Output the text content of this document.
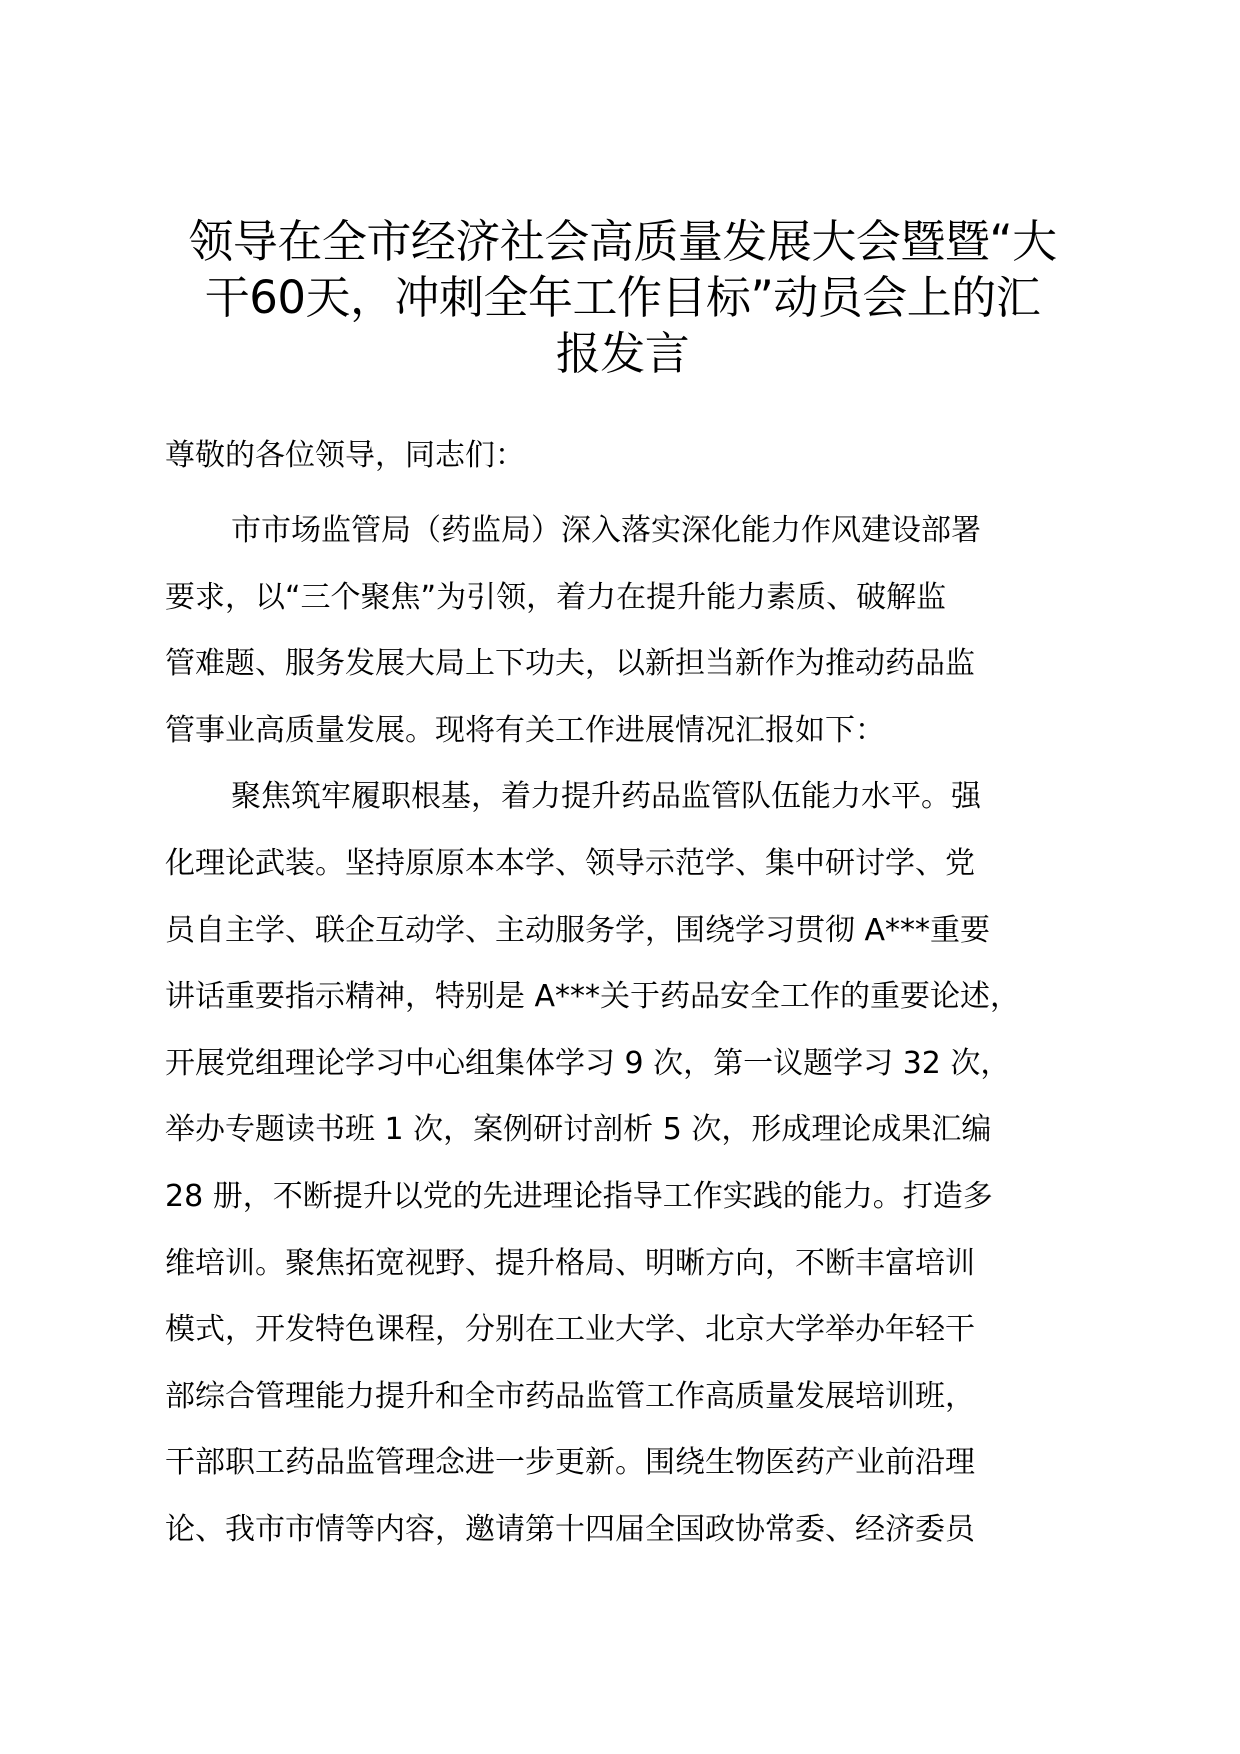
领导在全市经济社会高质量发展大会暨暨“大
干60天，冲刺全年工作目标”动员会上的汇
报发言
尊敬的各位领导，同志们：
市市场监管局（药监局）深入落实深化能力作风建设部署
要求，以“三个聚焦”为引领，着力在提升能力素质、破解监
管难题、服务发展大局上下功夫，以新担当新作为推动药品监
管事业高质量发展。现将有关工作进展情况汇报如下：
聚焦筑牢履职根基，着力提升药品监管队伍能力水平。强
化理论武装。坚持原原本本学、领导示范学、集中研讨学、党
员自主学、联企互动学、主动服务学，围绕学习贯彻 A***重要
讲话重要指示精神，特别是 A***关于药品安全工作的重要论述，
开展党组理论学习中心组集体学习 9 次，第一议题学习 32 次，
举办专题读书班 1 次，案例研讨剖析 5 次，形成理论成果汇编
28 册，不断提升以党的先进理论指导工作实践的能力。打造多
维培训。聚焦拓宽视野、提升格局、明晰方向，不断丰富培训
模式，开发特色课程，分别在工业大学、北京大学举办年轻干
部综合管理能力提升和全市药品监管工作高质量发展培训班，
干部职工药品监管理念进一步更新。围绕生物医药产业前沿理
论、我市市情等内容，邀请第十四届全国政协常委、经济委员
